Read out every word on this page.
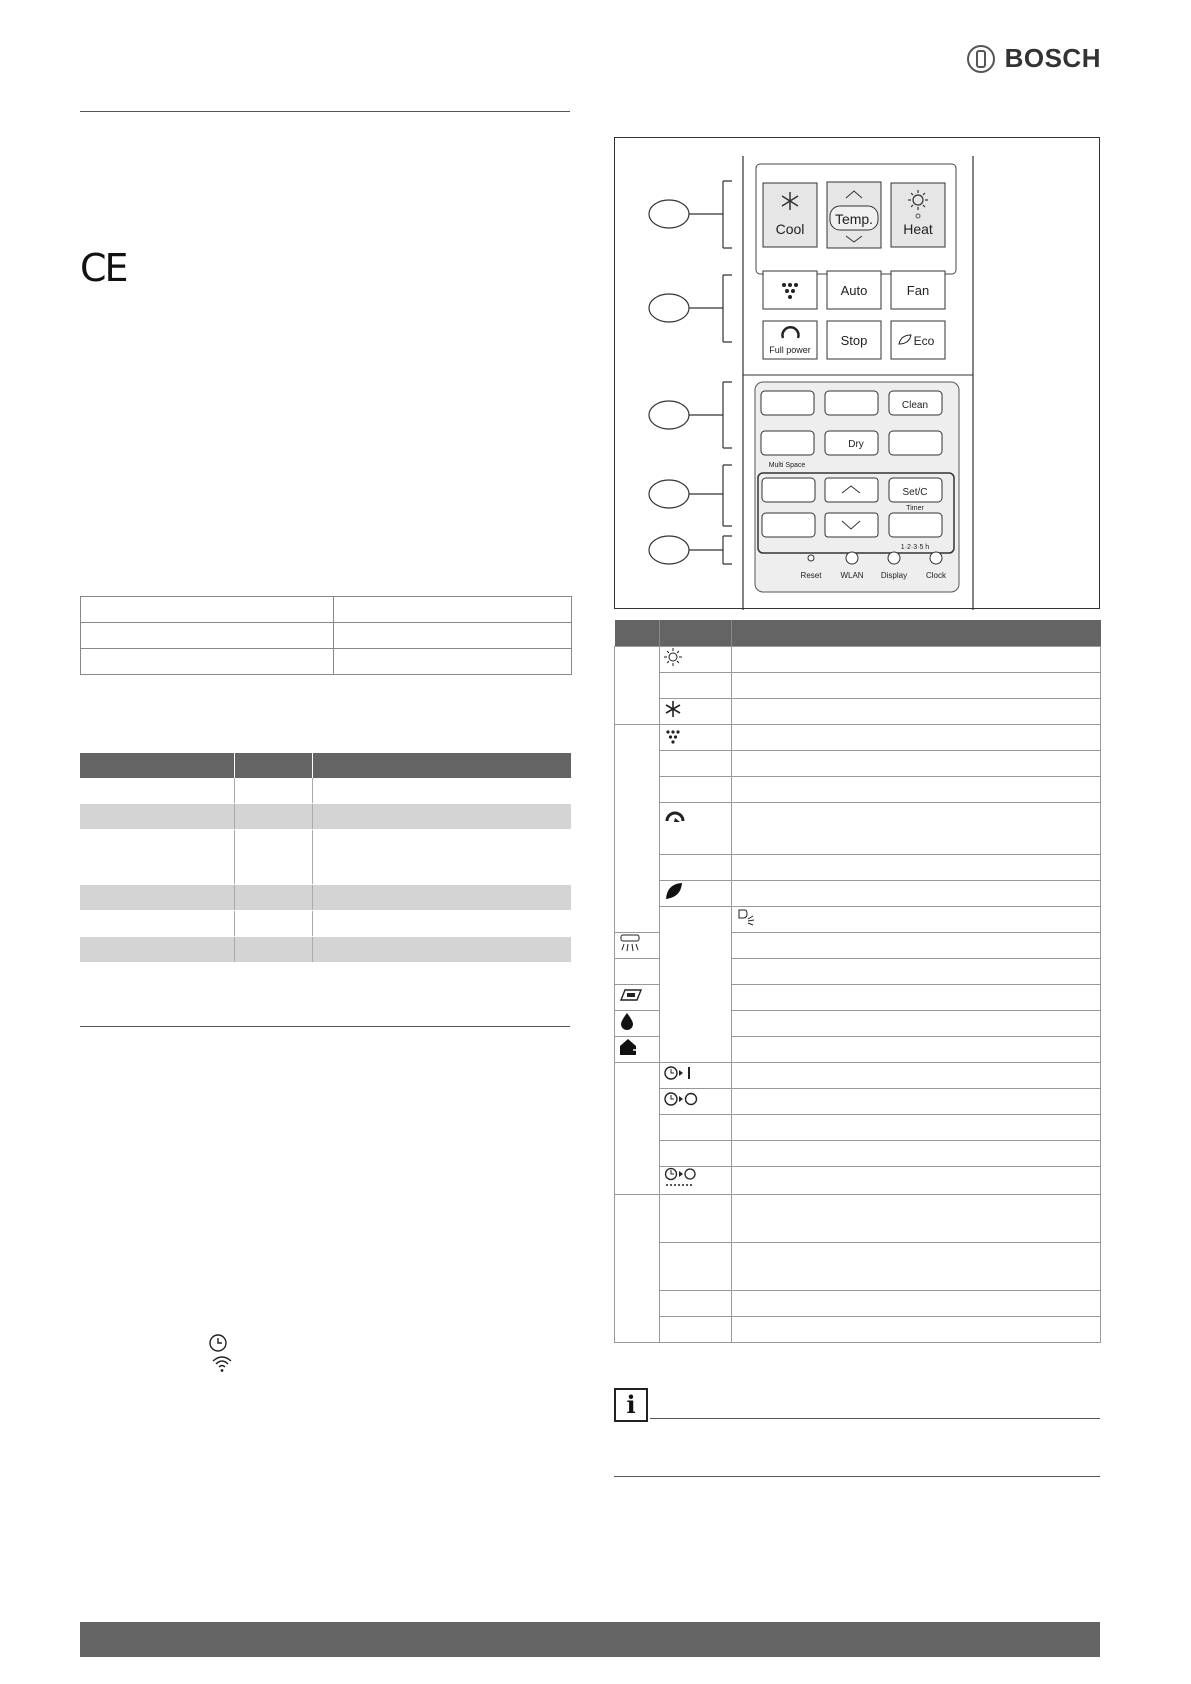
BOSCH
CE

Cool
Temp.
Heat
Auto	Fan
Full power
Stop	Eco
Clean
Multi Space
Dry
Set/C
Timer
1·2·3·5 h
Reset WLAN Display Clock

i
